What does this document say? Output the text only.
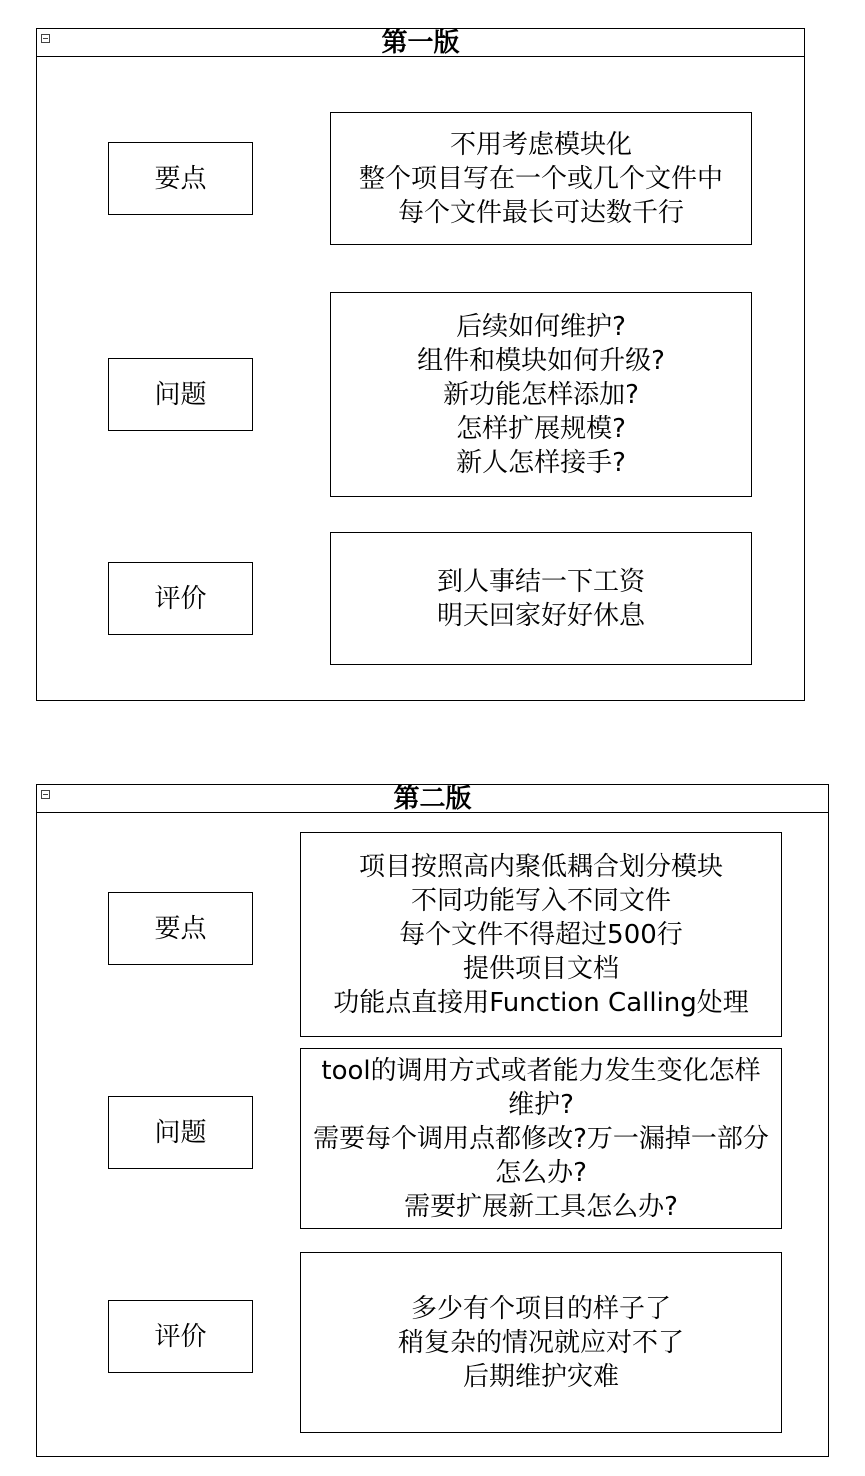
第一版
要点
不用考虑模块化
整个项目写在一个或几个文件中
每个文件最长可达数千行
问题
后续如何维护?
组件和模块如何升级?
新功能怎样添加?
怎样扩展规模?
新人怎样接手?
评价
到人事结一下工资
明天回家好好休息
第二版
要点
项目按照高内聚低耦合划分模块
不同功能写入不同文件
每个文件不得超过500行
提供项目文档
功能点直接用Function Calling处理
问题
tool的调用方式或者能力发生变化怎样维护?
需要每个调用点都修改?万一漏掉一部分怎么办?
需要扩展新工具怎么办?
评价
多少有个项目的样子了
稍复杂的情况就应对不了
后期维护灾难
